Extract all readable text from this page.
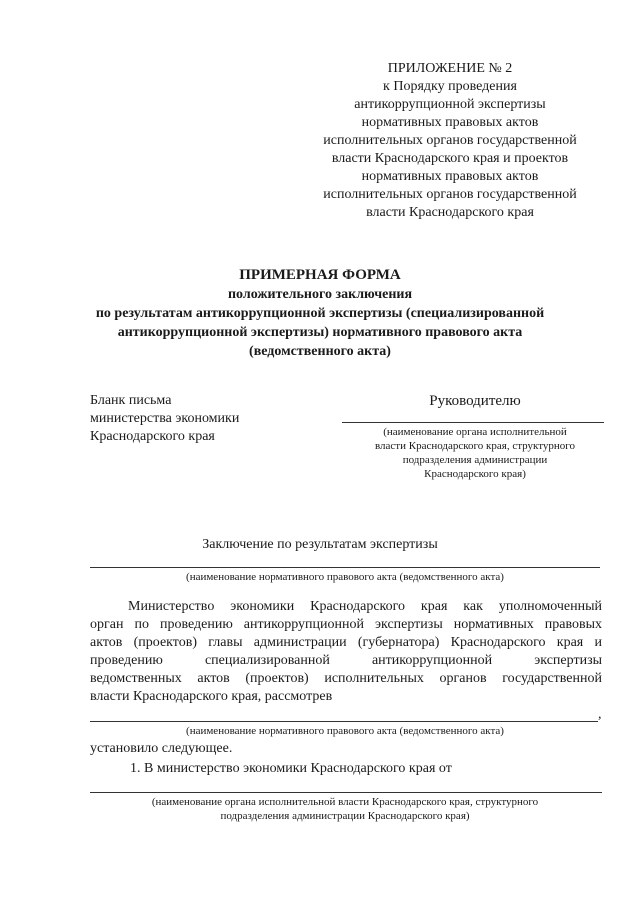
ПРИЛОЖЕНИЕ № 2
к Порядку проведения
антикоррупционной экспертизы
нормативных правовых актов
исполнительных органов государственной
власти Краснодарского края и проектов
нормативных правовых актов
исполнительных органов государственной
власти Краснодарского края
ПРИМЕРНАЯ ФОРМА
положительного заключения
по результатам антикоррупционной экспертизы (специализированной
антикоррупционной экспертизы) нормативного правового акта
(ведомственного акта)
Бланк письма
министерства экономики
Краснодарского края
Руководителю
(наименование органа исполнительной
власти Краснодарского края, структурного
подразделения администрации
Краснодарского края)
Заключение по результатам экспертизы
(наименование нормативного правового акта (ведомственного акта)
Министерство экономики Краснодарского края как уполномоченный
орган по проведению антикоррупционной экспертизы нормативных правовых
актов (проектов) главы администрации (губернатора) Краснодарского края и
проведению специализированной антикоррупционной экспертизы
ведомственных актов (проектов) исполнительных органов государственной
власти Краснодарского края, рассмотрев
,
(наименование нормативного правового акта (ведомственного акта)
установило следующее.
1. В министерство экономики Краснодарского края от
(наименование органа исполнительной власти Краснодарского края, структурного
подразделения администрации Краснодарского края)
